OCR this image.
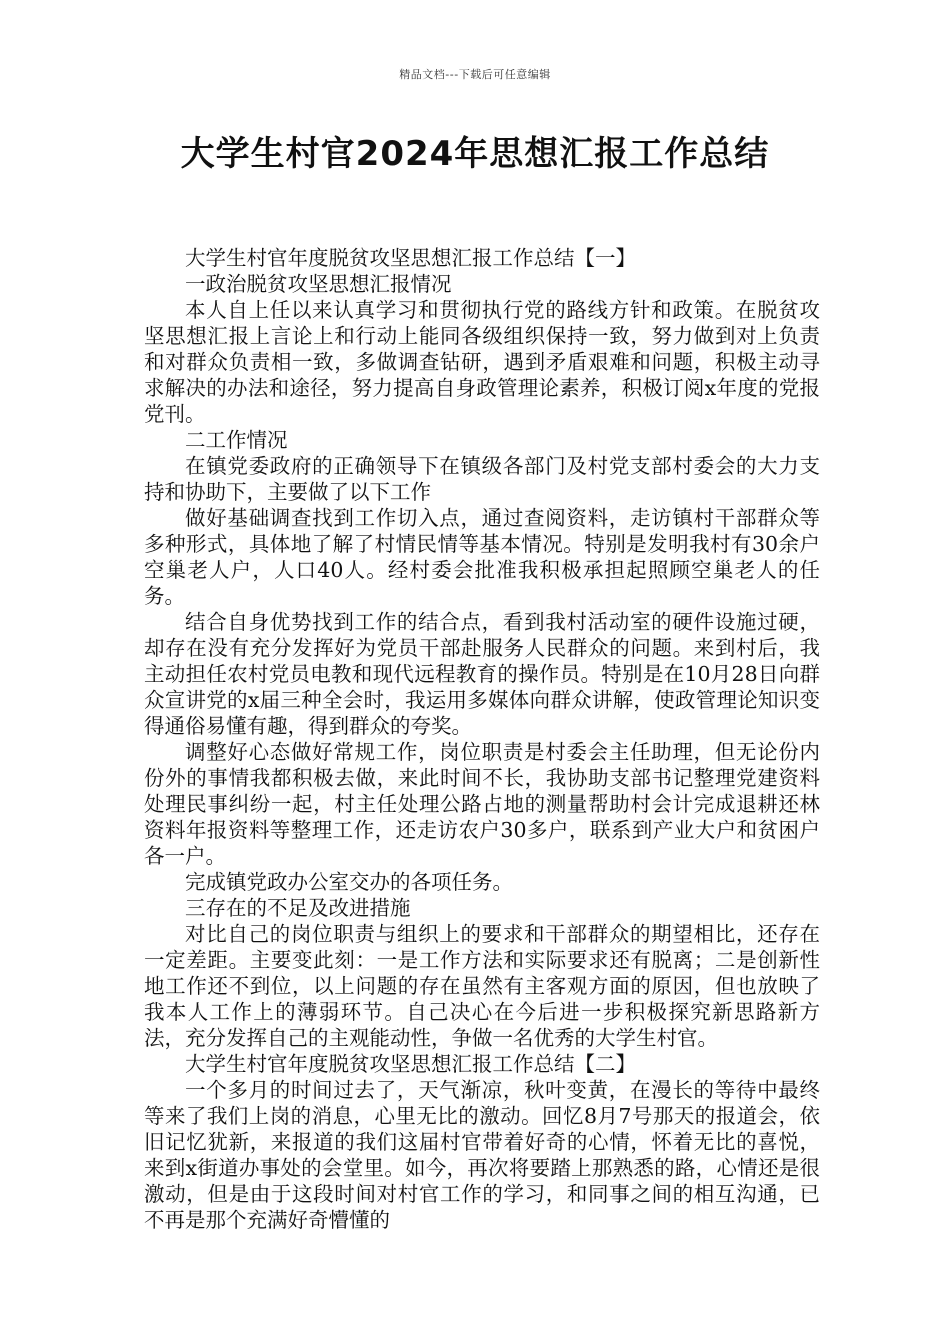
精品文档---下载后可任意编辑
大学生村官2024年思想汇报工作总结

大学生村官年度脱贫攻坚思想汇报工作总结【一】

一政治脱贫攻坚思想汇报情况

本人自上任以来认真学习和贯彻执行党的路线方针和政策。在脱贫攻坚思想汇报上言论上和行动上能同各级组织保持一致，努力做到对上负责和对群众负责相一致，多做调查钻研，遇到矛盾艰难和问题，积极主动寻求解决的办法和途径，努力提高自身政管理论素养，积极订阅x年度的党报党刊。

二工作情况

在镇党委政府的正确领导下在镇级各部门及村党支部村委会的大力支持和协助下，主要做了以下工作

做好基础调查找到工作切入点，通过查阅资料，走访镇村干部群众等多种形式，具体地了解了村情民情等基本情况。特别是发明我村有30余户空巢老人户，人口40人。经村委会批准我积极承担起照顾空巢老人的任务。

结合自身优势找到工作的结合点，看到我村活动室的硬件设施过硬，却存在没有充分发挥好为党员干部赴服务人民群众的问题。来到村后，我主动担任农村党员电教和现代远程教育的操作员。特别是在10月28日向群众宣讲党的x届三种全会时，我运用多媒体向群众讲解，使政管理论知识变得通俗易懂有趣，得到群众的夸奖。

调整好心态做好常规工作，岗位职责是村委会主任助理，但无论份内份外的事情我都积极去做，来此时间不长，我协助支部书记整理党建资料处理民事纠纷一起，村主任处理公路占地的测量帮助村会计完成退耕还林资料年报资料等整理工作，还走访农户30多户，联系到产业大户和贫困户各一户。

完成镇党政办公室交办的各项任务。

三存在的不足及改进措施

对比自己的岗位职责与组织上的要求和干部群众的期望相比，还存在一定差距。主要变此刻：一是工作方法和实际要求还有脱离；二是创新性地工作还不到位，以上问题的存在虽然有主客观方面的原因，但也放映了我本人工作上的薄弱环节。自己决心在今后进一步积极探究新思路新方法，充分发挥自己的主观能动性，争做一名优秀的大学生村官。

大学生村官年度脱贫攻坚思想汇报工作总结【二】

一个多月的时间过去了，天气渐凉，秋叶变黄，在漫长的等待中最终等来了我们上岗的消息，心里无比的激动。回忆8月7号那天的报道会，依旧记忆犹新，来报道的我们这届村官带着好奇的心情，怀着无比的喜悦，来到x街道办事处的会堂里。如今，再次将要踏上那熟悉的路，心情还是很激动，但是由于这段时间对村官工作的学习，和同事之间的相互沟通，已不再是那个充满好奇懵懂的
